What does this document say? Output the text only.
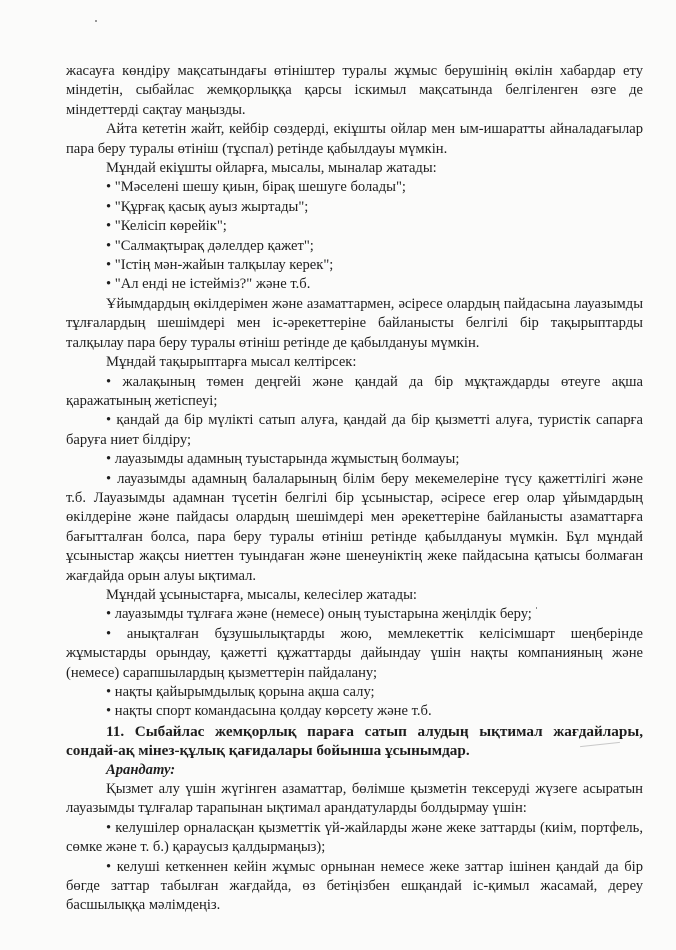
жасауға көндіру мақсатындағы өтініштер туралы жұмыс берушінің өкілін хабардар ету міндетін, сыбайлас жемқорлыққа қарсы іскимыл мақсатында белгіленген өзге де міндеттерді сақтау маңызды.

Айта кететін жайт, кейбір сөздерді, екіұшты ойлар мен ым-ишаратты айналадағылар пара беру туралы өтініш (тұспал) ретінде қабылдауы мүмкін.

Мұндай екіұшты ойларға, мысалы, мыналар жатады:

• "Мәселені шешу қиын, бірақ шешуге болады";

• "Құрғақ қасық ауыз жыртады";

• "Келісіп көрейік";

• "Салмақтырақ дәлелдер қажет";

• "Істің мән-жайын талқылау керек";

• "Ал енді не істейміз?" және т.б.

Ұйымдардың өкілдерімен және азаматтармен, әсіресе олардың пайдасына лауазымды тұлғалардың шешімдері мен іс-әрекеттеріне байланысты белгілі бір тақырыптарды талқылау пара беру туралы өтініш ретінде де қабылдануы мүмкін.

Мұндай тақырыптарға мысал келтірсек:

• жалақының төмен деңгейі және қандай да бір мұқтаждарды өтеуге ақша қаражатының жетіспеуі;

• қандай да бір мүлікті сатып алуға, қандай да бір қызметті алуға, туристік сапарға баруға ниет білдіру;

• лауазымды адамның туыстарында жұмыстың болмауы;

• лауазымды адамның балаларының білім беру мекемелеріне түсу қажеттілігі және т.б. Лауазымды адамнан түсетін белгілі бір ұсыныстар, әсіресе егер олар ұйымдардың өкілдеріне және пайдасы олардың шешімдері мен әрекеттеріне байланысты азаматтарға бағытталған болса, пара беру туралы өтініш ретінде қабылдануы мүмкін. Бұл мұндай ұсыныстар жақсы ниеттен туындаған және шенеуніктің жеке пайдасына қатысы болмаған жағдайда орын алуы ықтимал.

Мұндай ұсыныстарға, мысалы, келесілер жатады:

• лауазымды тұлғаға және (немесе) оның туыстарына жеңілдік беру;

• анықталған бұзушылықтарды жою, мемлекеттік келісімшарт шеңберінде жұмыстарды орындау, қажетті құжаттарды дайындау үшін нақты компанияның және (немесе) сарапшылардың қызметтерін пайдалану;

• нақты қайырымдылық қорына ақша салу;

• нақты спорт командасына қолдау көрсету және т.б.

11. Сыбайлас жемқорлық параға сатып алудың ықтимал жағдайлары, сондай-ақ мінез-құлық қағидалары бойынша ұсынымдар.

Арандату:

Қызмет алу үшін жүгінген азаматтар, бөлімше қызметін тексеруді жүзеге асыратын лауазымды тұлғалар тарапынан ықтимал арандатуларды болдырмау үшін:

• келушілер орналасқан қызметтік үй-жайларды және жеке заттарды (киім, портфель, сөмке және т. б.) қараусыз қалдырмаңыз);

• келуші кеткеннен кейін жұмыс орнынан немесе жеке заттар ішінен қандай да бір бөгде заттар табылған жағдайда, өз бетіңізбен ешқандай іс-қимыл жасамай, дереу басшылыққа мәлімдеңіз.
